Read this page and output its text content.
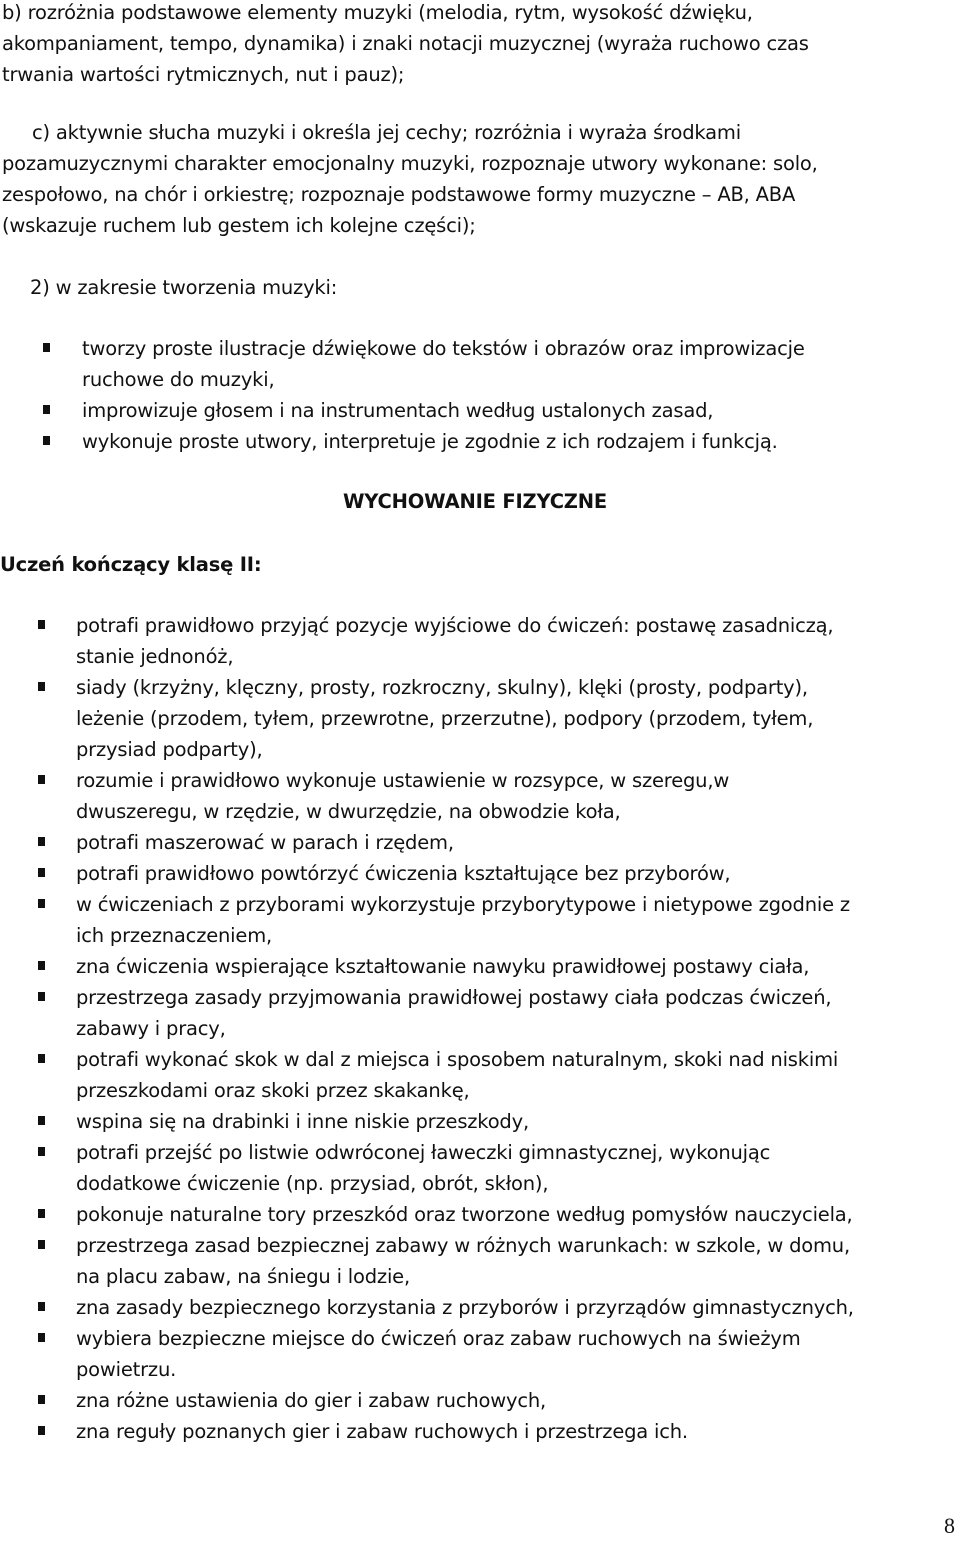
b) rozróżnia podstawowe elementy muzyki (melodia, rytm, wysokość dźwięku,
akompaniament, tempo, dynamika) i znaki notacji muzycznej (wyraża ruchowo czas
trwania wartości rytmicznych, nut i pauz);
c) aktywnie słucha muzyki i określa jej cechy; rozróżnia i wyraża środkami
pozamuzycznymi charakter emocjonalny muzyki, rozpoznaje utwory wykonane: solo,
zespołowo, na chór i orkiestrę; rozpoznaje podstawowe formy muzyczne – AB, ABA
(wskazuje ruchem lub gestem ich kolejne części);
2) w zakresie tworzenia muzyki:
tworzy proste ilustracje dźwiękowe do tekstów i obrazów oraz improwizacje
ruchowe do muzyki,
improwizuje głosem i na instrumentach według ustalonych zasad,
wykonuje proste utwory, interpretuje je zgodnie z ich rodzajem i funkcją.
WYCHOWANIE FIZYCZNE
Uczeń kończący klasę II:
potrafi prawidłowo przyjąć pozycje wyjściowe do ćwiczeń: postawę zasadniczą,
stanie jednonóż,
siady (krzyżny, klęczny, prosty, rozkroczny, skulny), klęki (prosty, podparty),
leżenie (przodem, tyłem, przewrotne, przerzutne), podpory (przodem, tyłem,
przysiad podparty),
rozumie i prawidłowo wykonuje ustawienie w rozsypce, w szeregu,w
dwuszeregu, w rzędzie, w dwurzędzie, na obwodzie koła,
potrafi maszerować w parach i rzędem,
potrafi prawidłowo powtórzyć ćwiczenia kształtujące bez przyborów,
w ćwiczeniach z przyborami wykorzystuje przyborytypowe i nietypowe zgodnie z
ich przeznaczeniem,
zna ćwiczenia wspierające kształtowanie nawyku prawidłowej postawy ciała,
przestrzega zasady przyjmowania prawidłowej postawy ciała podczas ćwiczeń,
zabawy i pracy,
potrafi wykonać skok w dal z miejsca i sposobem naturalnym, skoki nad niskimi
przeszkodami oraz skoki przez skakankę,
wspina się na drabinki i inne niskie przeszkody,
potrafi przejść po listwie odwróconej ławeczki gimnastycznej, wykonując
dodatkowe ćwiczenie (np. przysiad, obrót, skłon),
pokonuje naturalne tory przeszkód oraz tworzone według pomysłów nauczyciela,
przestrzega zasad bezpiecznej zabawy w różnych warunkach: w szkole, w domu,
na placu zabaw, na śniegu i lodzie,
zna zasady bezpiecznego korzystania z przyborów i przyrządów gimnastycznych,
wybiera bezpieczne miejsce do ćwiczeń oraz zabaw ruchowych na świeżym
powietrzu.
zna różne ustawienia do gier i zabaw ruchowych,
zna reguły poznanych gier i zabaw ruchowych i przestrzega ich.
8
